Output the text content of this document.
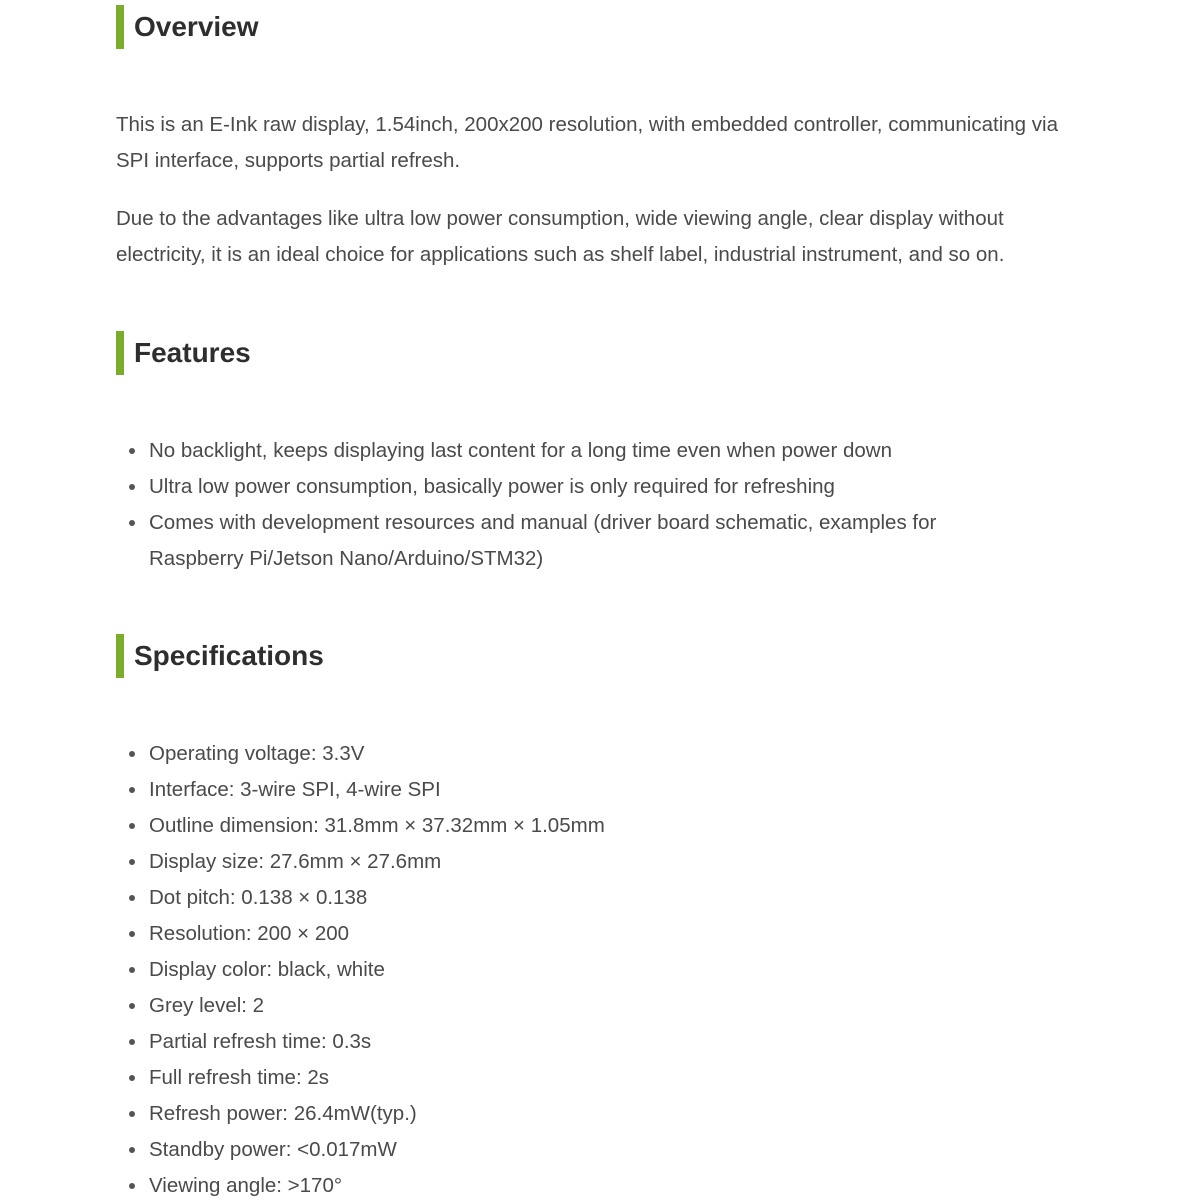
Overview

This is an E-Ink raw display, 1.54inch, 200x200 resolution, with embedded controller, communicating via SPI interface, supports partial refresh.

Due to the advantages like ultra low power consumption, wide viewing angle, clear display without electricity, it is an ideal choice for applications such as shelf label, industrial instrument, and so on.

Features
No backlight, keeps displaying last content for a long time even when power down
Ultra low power consumption, basically power is only required for refreshing
Comes with development resources and manual (driver board schematic, examples for Raspberry Pi/Jetson Nano/Arduino/STM32)
Specifications
Operating voltage: 3.3V
Interface: 3-wire SPI, 4-wire SPI
Outline dimension: 31.8mm × 37.32mm × 1.05mm
Display size: 27.6mm × 27.6mm
Dot pitch: 0.138 × 0.138
Resolution: 200 × 200
Display color: black, white
Grey level: 2
Partial refresh time: 0.3s
Full refresh time: 2s
Refresh power: 26.4mW(typ.)
Standby power: <0.017mW
Viewing angle: >170°
